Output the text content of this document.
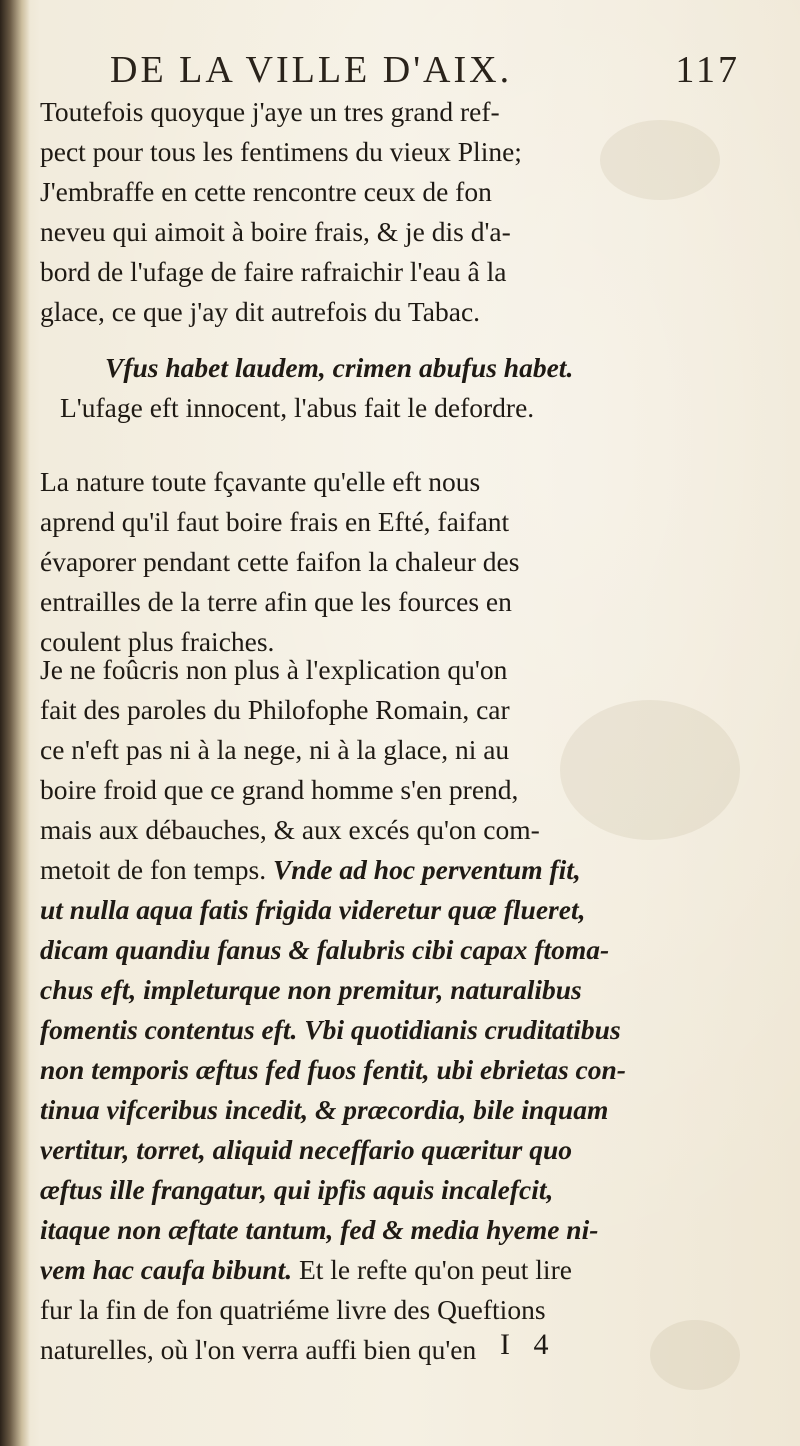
DE LA VILLE D'AIX.	117
Toutefois quoyque j'aye un tres grand ref-
pect pour tous les fentimens du vieux Pline;
J'embraffe en cette rencontre ceux de fon
neveu qui aimoit à boire frais, & je dis d'a-
bord de l'ufage de faire rafraichir l'eau â la
glace, ce que j'ay dit autrefois du Tabac.
Vfus habet laudem, crimen abufus habet.
L'ufage eft innocent, l'abus fait le defordre.
La nature toute fçavante qu'elle eft nous
aprend qu'il faut boire frais en Efté, faifant
évaporer pendant cette faifon la chaleur des
entrailles de la terre afin que les fources en
coulent plus fraiches.
Je ne foûcris non plus à l'explication qu'on
fait des paroles du Philofophe Romain, car
ce n'eft pas ni à la nege, ni à la glace, ni au
boire froid que ce grand homme s'en prend,
mais aux débauches, & aux excés qu'on com-
metoit de fon temps. Vnde ad hoc perventum fit,
ut nulla aqua fatis frigida videretur quæ flueret,
dicam quandiu fanus & falubris cibi capax ftoma-
chus eft, impleturque non premitur, naturalibus
fomentis contentus eft. Vbi quotidianis cruditatibus
non temporis æftus fed fuos fentit, ubi ebrietas con-
tinua vifceribus incedit, & præcordia, bile inquam
vertitur, torret, aliquid neceffario quæritur quo
æftus ille frangatur, qui ipfis aquis incalefcit,
itaque non æftate tantum, fed & media hyeme ni-
vem hac caufa bibunt. Et le refte qu'on peut lire
fur la fin de fon quatriéme livre des Queftions
naturelles, où l'on verra auffi bien qu'en I 4
